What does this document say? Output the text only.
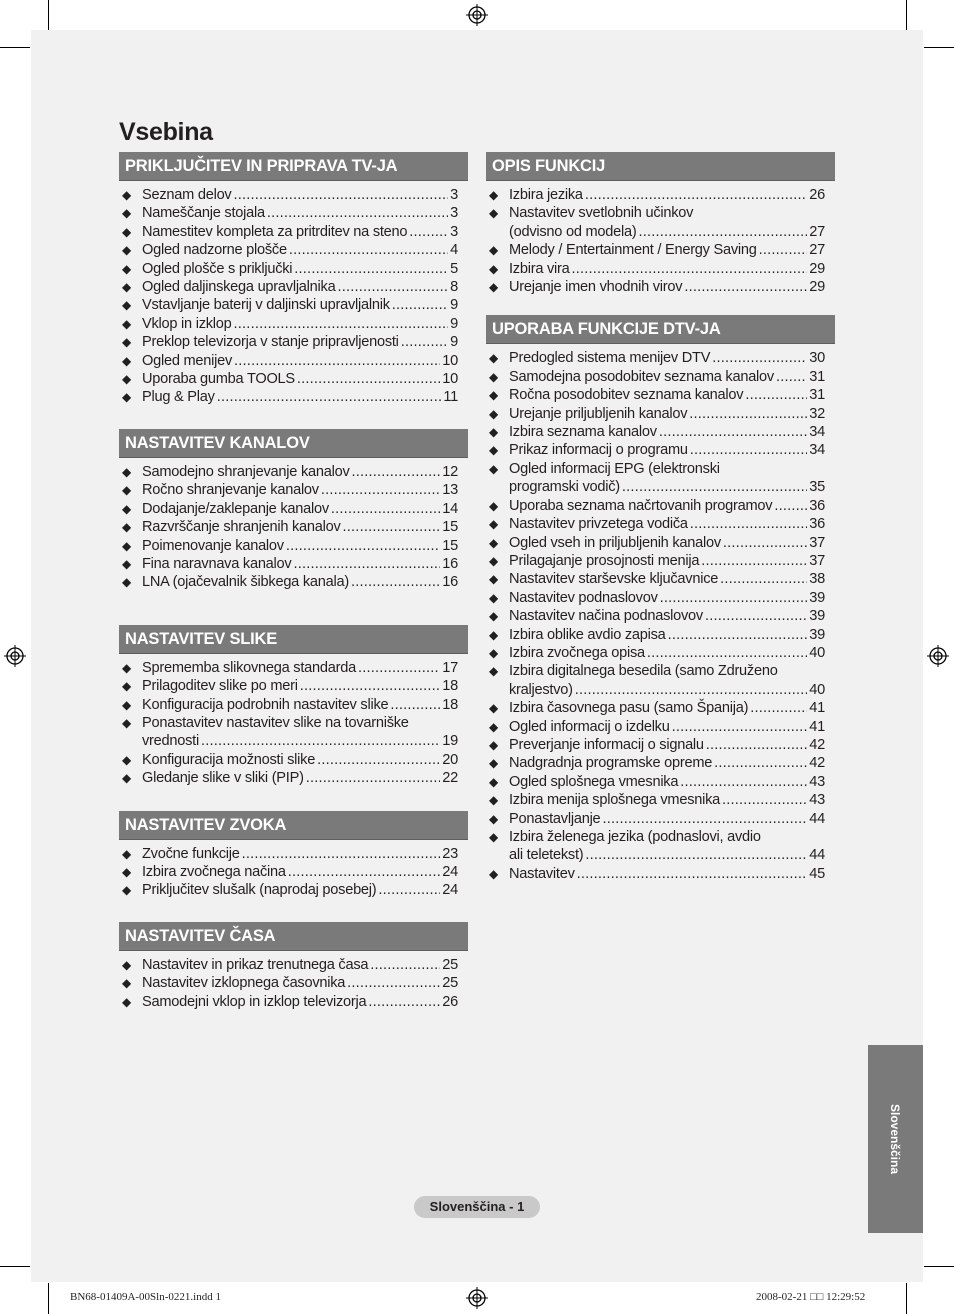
Vsebina
PRIKLJUČITEV IN PRIPRAVA TV-JA
◆ Seznam delov .....	3
◆ Nameščanje stojala .....	3
◆ Namestitev kompleta za pritrditev na steno .....	3
◆ Ogled nadzorne plošče .....	4
◆ Ogled plošče s priključki .....	5
◆ Ogled daljinskega upravljalnika .....	8
◆ Vstavljanje baterij v daljinski upravljalnik .....	9
◆ Vklop in izklop .....	9
◆ Preklop televizorja v stanje pripravljenosti .....	9
◆ Ogled menijev .....	10
◆ Uporaba gumba TOOLS .....	10
◆ Plug & Play .....	11
NASTAVITEV KANALOV
◆ Samodejno shranjevanje kanalov .....	12
◆ Ročno shranjevanje kanalov .....	13
◆ Dodajanje/zaklepanje kanalov .....	14
◆ Razvrščanje shranjenih kanalov .....	15
◆ Poimenovanje kanalov .....	15
◆ Fina naravnava kanalov .....	16
◆ LNA (ojačevalnik šibkega kanala) .....	16
NASTAVITEV SLIKE
◆ Sprememba slikovnega standarda .....	17
◆ Prilagoditev slike po meri .....	18
◆ Konfiguracija podrobnih nastavitev slike .....	18
◆ Ponastavitev nastavitev slike na tovarniške
vrednosti .....	19
◆ Konfiguracija možnosti slike .....	20
◆ Gledanje slike v sliki (PIP) .....	22
NASTAVITEV ZVOKA
◆ Zvočne funkcije .....	23
◆ Izbira zvočnega načina .....	24
◆ Priključitev slušalk (naprodaj posebej) .....	24
NASTAVITEV ČASA
◆ Nastavitev in prikaz trenutnega časa .....	25
◆ Nastavitev izklopnega časovnika .....	25
◆ Samodejni vklop in izklop televizorja .....	26
OPIS FUNKCIJ
◆ Izbira jezika .....	26
◆ Nastavitev svetlobnih učinkov
(odvisno od modela) .....	27
◆ Melody / Entertainment / Energy Saving .....	27
◆ Izbira vira .....	29
◆ Urejanje imen vhodnih virov .....	29
UPORABA FUNKCIJE DTV-JA
◆ Predogled sistema menijev DTV .....	30
◆ Samodejna posodobitev seznama kanalov ..... 31
◆ Ročna posodobitev seznama kanalov .....	31
◆ Urejanje priljubljenih kanalov .....	32
◆ Izbira seznama kanalov .....	34
◆ Prikaz informacij o programu .....	34
◆ Ogled informacij EPG (elektronski
programski vodič) .....	35
◆ Uporaba seznama načrtovanih programov .....	36
◆ Nastavitev privzetega vodiča .....	36
◆ Ogled vseh in priljubljenih kanalov .....	37
◆ Prilagajanje prosojnosti menija .....	37
◆ Nastavitev starševske ključavnice .....	38
◆ Nastavitev podnaslovov .....	39
◆ Nastavitev načina podnaslovov .....	39
◆ Izbira oblike avdio zapisa .....	39
◆ Izbira zvočnega opisa .....	40
◆ Izbira digitalnega besedila (samo Združeno
kraljestvo) .....	40
◆ Izbira časovnega pasu (samo Španija) .....	41
◆ Ogled informacij o izdelku .....	41
◆ Preverjanje informacij o signalu .....	42
◆ Nadgradnja programske opreme .....	42
◆ Ogled splošnega vmesnika .....	43
◆ Izbira menija splošnega vmesnika .....	43
◆ Ponastavljanje .....	44
◆ Izbira želenega jezika (podnaslovi, avdio
ali teletekst) .....	44
◆ Nastavitev .....	45
Slovenščina
Slovenščina - 1
BN68-01409A-00Sln-0221.indd 1	2008-02-21 □□ 12:29:52
